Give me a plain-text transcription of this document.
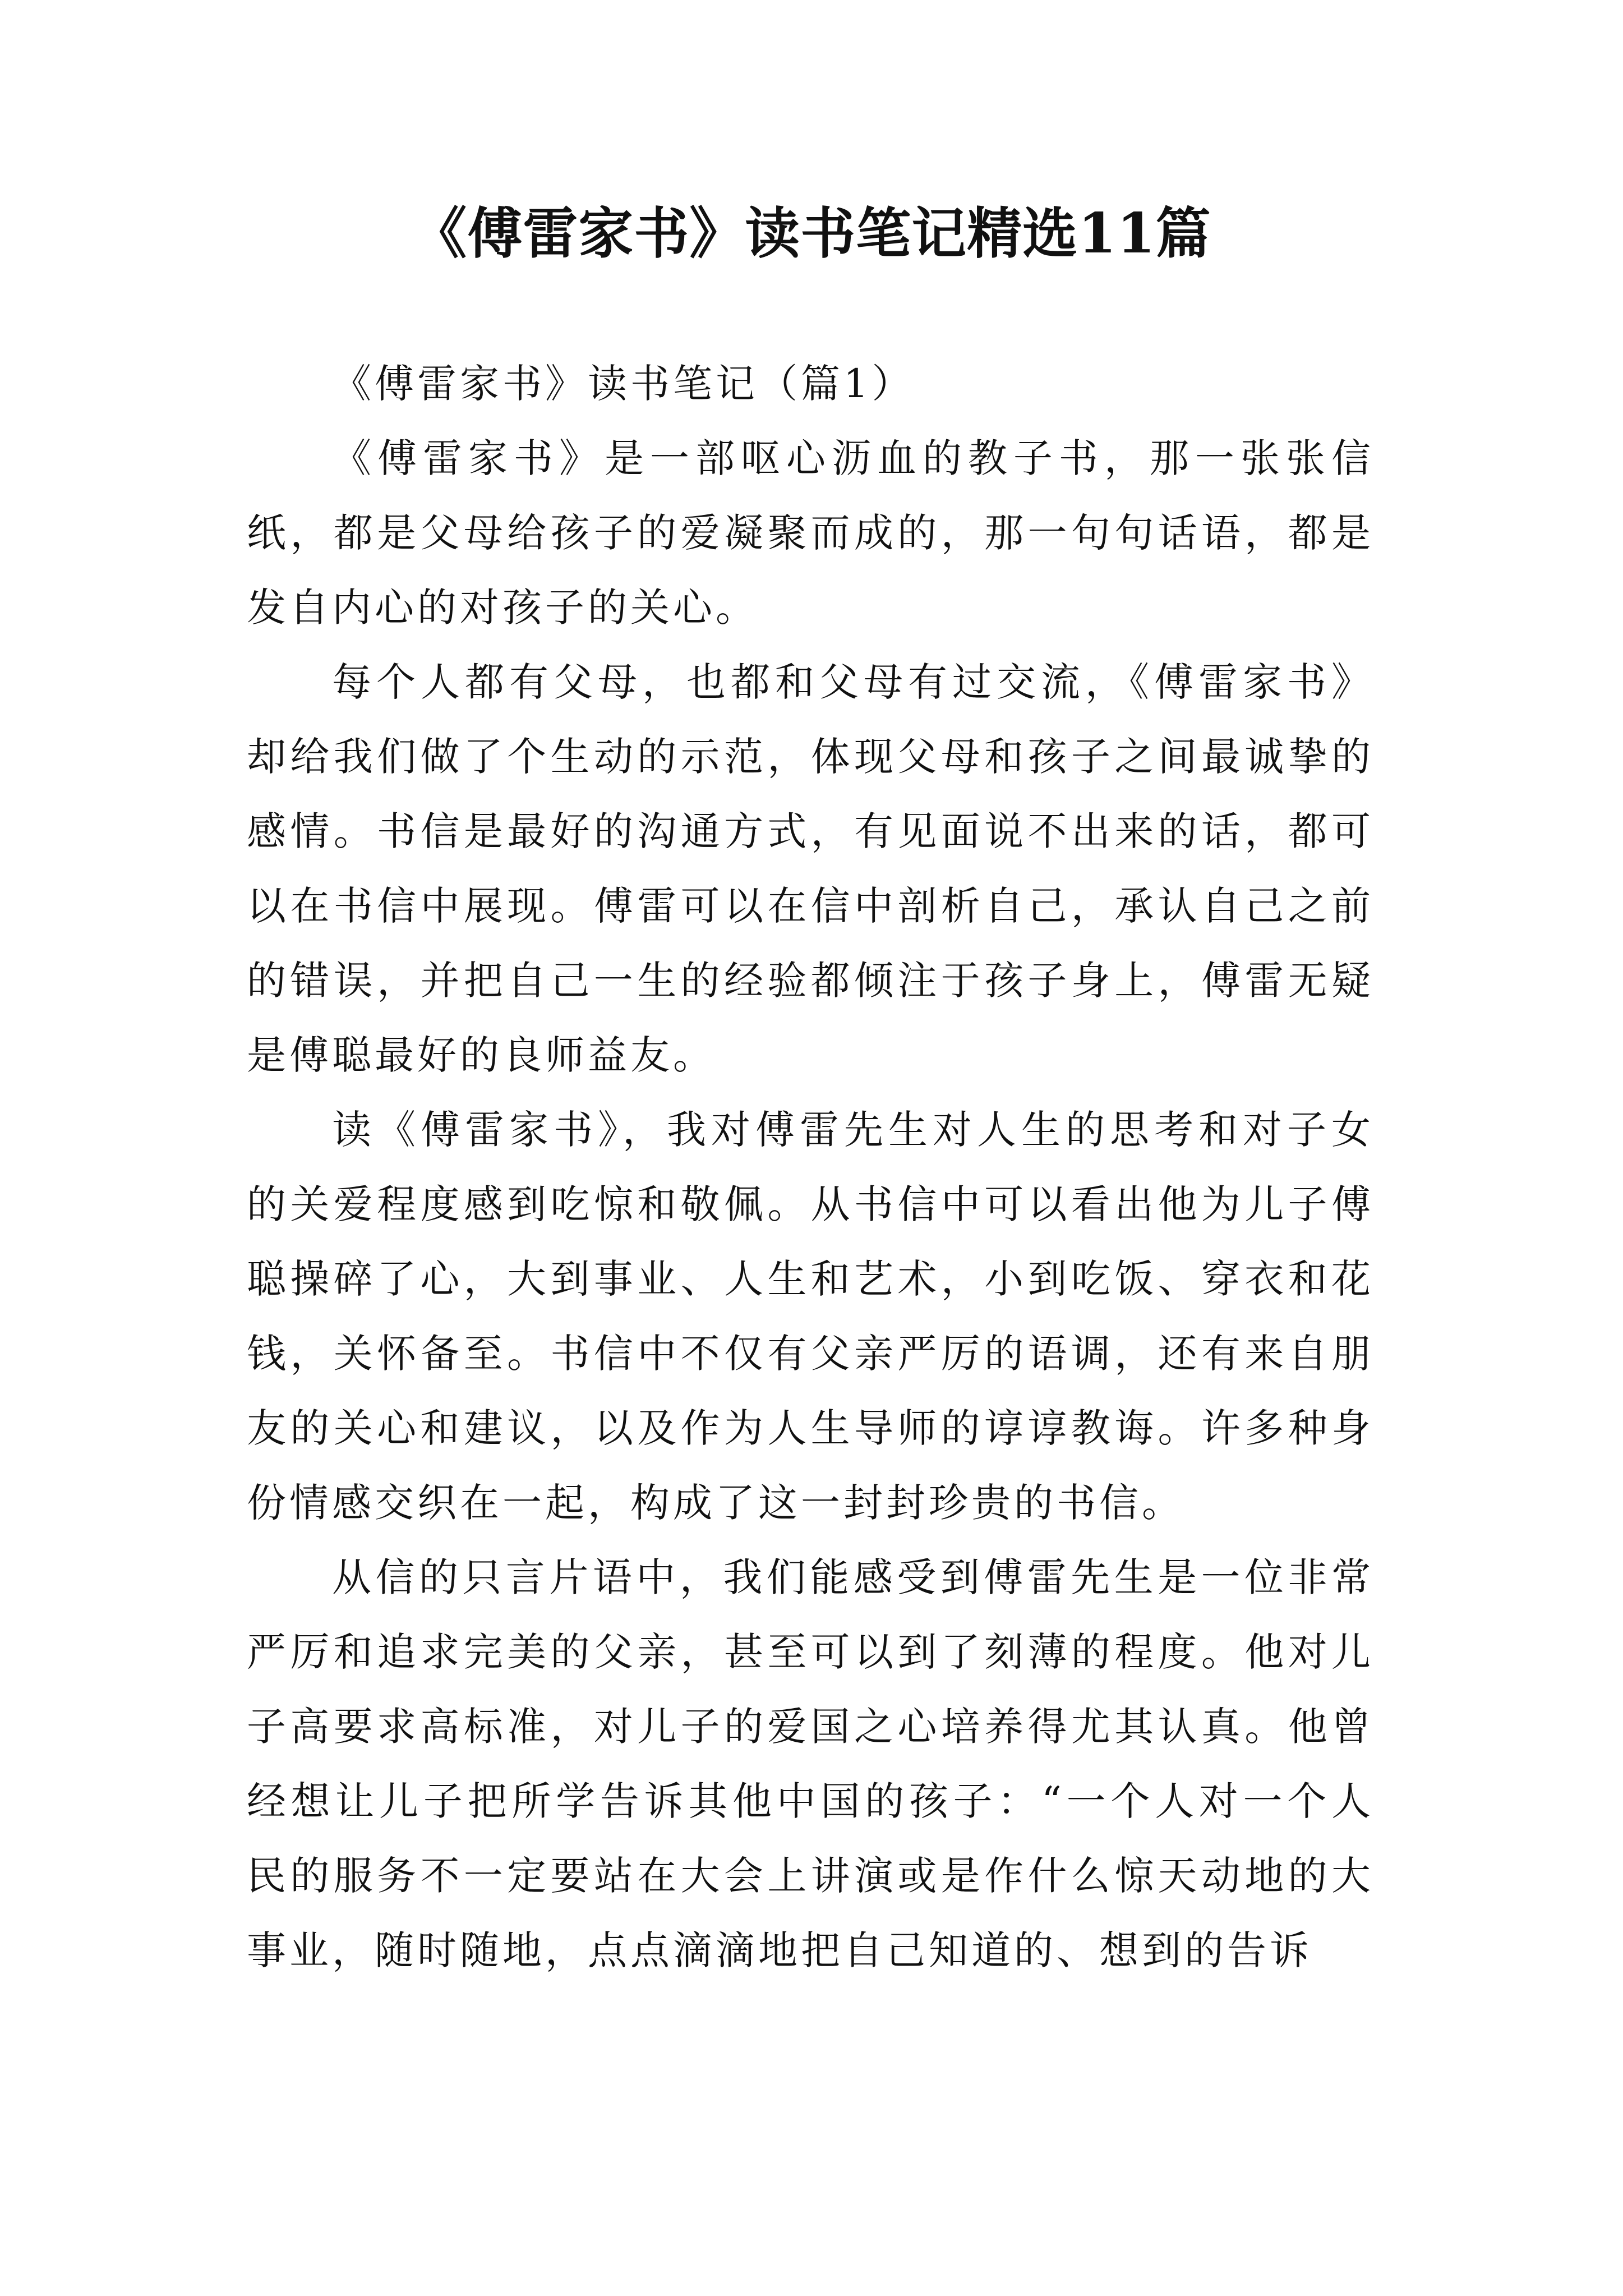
《傅雷家书》读书笔记精选11篇

《傅雷家书》读书笔记（篇1）

《傅雷家书》是一部呕心沥血的教子书，那一张张信纸，都是父母给孩子的爱凝聚而成的，那一句句话语，都是发自内心的对孩子的关心。

每个人都有父母，也都和父母有过交流，《傅雷家书》却给我们做了个生动的示范，体现父母和孩子之间最诚挚的感情。书信是最好的沟通方式，有见面说不出来的话，都可以在书信中展现。傅雷可以在信中剖析自己，承认自己之前的错误，并把自己一生的经验都倾注于孩子身上，傅雷无疑是傅聪最好的良师益友。

读《傅雷家书》，我对傅雷先生对人生的思考和对子女的关爱程度感到吃惊和敬佩。从书信中可以看出他为儿子傅聪操碎了心，大到事业、人生和艺术，小到吃饭、穿衣和花钱，关怀备至。书信中不仅有父亲严厉的语调，还有来自朋友的关心和建议，以及作为人生导师的谆谆教诲。许多种身份情感交织在一起，构成了这一封封珍贵的书信。

从信的只言片语中，我们能感受到傅雷先生是一位非常严厉和追求完美的父亲，甚至可以到了刻薄的程度。他对儿子高要求高标准，对儿子的爱国之心培养得尤其认真。他曾经想让儿子把所学告诉其他中国的孩子：“一个人对一个人民的服务不一定要站在大会上讲演或是作什么惊天动地的大事业，随时随地，点点滴滴地把自己知道的、想到的告诉
